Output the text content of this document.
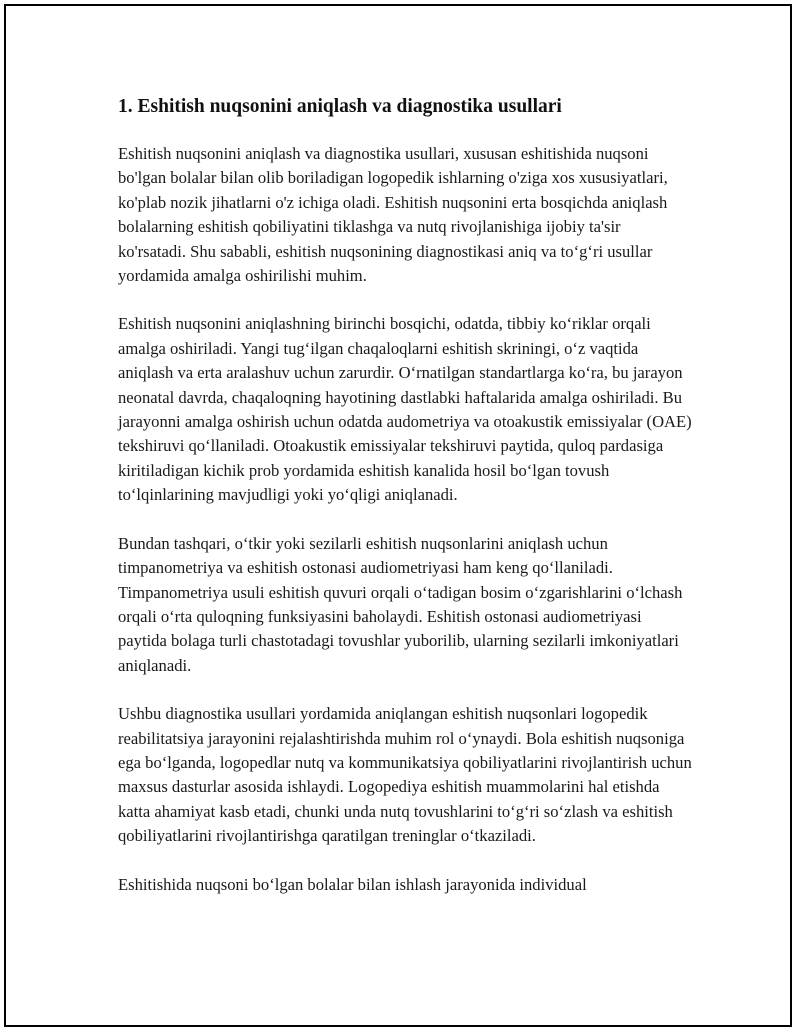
1. Eshitish nuqsonini aniqlash va diagnostika usullari

Eshitish nuqsonini aniqlash va diagnostika usullari, xususan eshitishida nuqsoni bo'lgan bolalar bilan olib boriladigan logopedik ishlarning o'ziga xos xususiyatlari, ko'plab nozik jihatlarni o'z ichiga oladi. Eshitish nuqsonini erta bosqichda aniqlash bolalarning eshitish qobiliyatini tiklashga va nutq rivojlanishiga ijobiy ta'sir ko'rsatadi. Shu sababli, eshitish nuqsonining diagnostikasi aniq va to‘g‘ri usullar yordamida amalga oshirilishi muhim.

Eshitish nuqsonini aniqlashning birinchi bosqichi, odatda, tibbiy ko‘riklar orqali amalga oshiriladi. Yangi tug‘ilgan chaqaloqlarni eshitish skriningi, o‘z vaqtida aniqlash va erta aralashuv uchun zarurdir. O‘rnatilgan standartlarga ko‘ra, bu jarayon neonatal davrda, chaqaloqning hayotining dastlabki haftalarida amalga oshiriladi. Bu jarayonni amalga oshirish uchun odatda audometriya va otoakustik emissiyalar (OAE) tekshiruvi qo‘llaniladi. Otoakustik emissiyalar tekshiruvi paytida, quloq pardasiga kiritiladigan kichik prob yordamida eshitish kanalida hosil bo‘lgan tovush to‘lqinlarining mavjudligi yoki yo‘qligi aniqlanadi.

Bundan tashqari, o‘tkir yoki sezilarli eshitish nuqsonlarini aniqlash uchun timpanometriya va eshitish ostonasi audiometriyasi ham keng qo‘llaniladi. Timpanometriya usuli eshitish quvuri orqali o‘tadigan bosim o‘zgarishlarini o‘lchash orqali o‘rta quloqning funksiyasini baholaydi. Eshitish ostonasi audiometriyasi paytida bolaga turli chastotadagi tovushlar yuborilib, ularning sezilarli imkoniyatlari aniqlanadi.

Ushbu diagnostika usullari yordamida aniqlangan eshitish nuqsonlari logopedik reabilitatsiya jarayonini rejalashtirishda muhim rol o‘ynaydi. Bola eshitish nuqsoniga ega bo‘lganda, logopedlar nutq va kommunikatsiya qobiliyatlarini rivojlantirish uchun maxsus dasturlar asosida ishlaydi. Logopediya eshitish muammolarini hal etishda katta ahamiyat kasb etadi, chunki unda nutq tovushlarini to‘g‘ri so‘zlash va eshitish qobiliyatlarini rivojlantirishga qaratilgan treninglar o‘tkaziladi.

Eshitishida nuqsoni bo‘lgan bolalar bilan ishlash jarayonida individual
